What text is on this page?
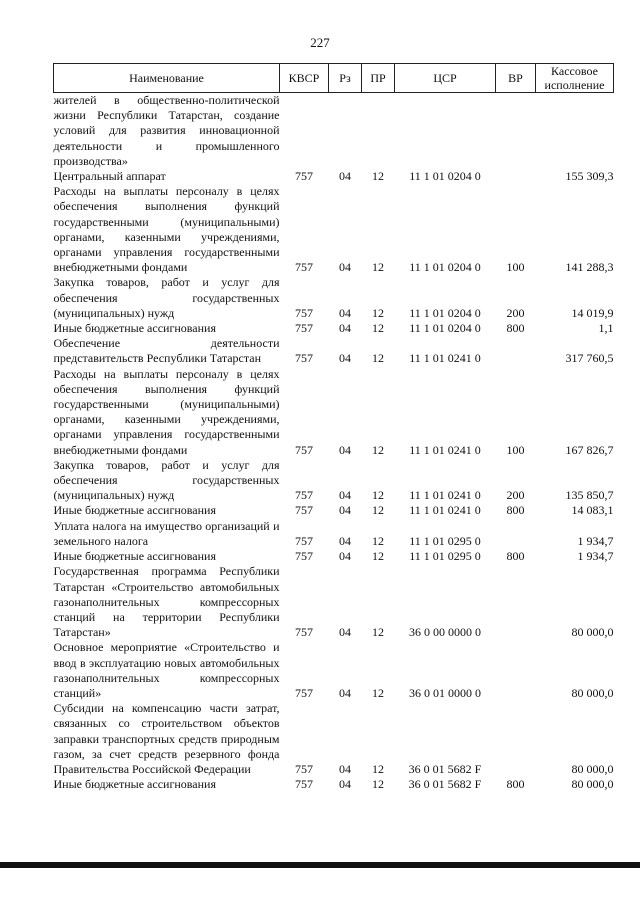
227
Наименование	КВСР	Рз	ПР	ЦСР	ВР	Кассовое исполнение
жителей в общественно-политической жизни Республики Татарстан, создание условий для развития инновационной деятельности и промышленного производства»						
Центральный аппарат	757	04	12	11 1 01 0204 0		155 309,3
Расходы на выплаты персоналу в целях обеспечения выполнения функций государственными (муниципальными) органами, казенными учреждениями, органами управления государственными внебюджетными фондами	757	04	12	11 1 01 0204 0	100	141 288,3
Закупка товаров, работ и услуг для обеспечения государственных (муниципальных) нужд	757	04	12	11 1 01 0204 0	200	14 019,9
Иные бюджетные ассигнования	757	04	12	11 1 01 0204 0	800	1,1
Обеспечение деятельности представительств Республики Татарстан	757	04	12	11 1 01 0241 0		317 760,5
Расходы на выплаты персоналу в целях обеспечения выполнения функций государственными (муниципальными) органами, казенными учреждениями, органами управления государственными внебюджетными фондами	757	04	12	11 1 01 0241 0	100	167 826,7
Закупка товаров, работ и услуг для обеспечения государственных (муниципальных) нужд	757	04	12	11 1 01 0241 0	200	135 850,7
Иные бюджетные ассигнования	757	04	12	11 1 01 0241 0	800	14 083,1
Уплата налога на имущество организаций и земельного налога	757	04	12	11 1 01 0295 0		1 934,7
Иные бюджетные ассигнования	757	04	12	11 1 01 0295 0	800	1 934,7
Государственная программа Республики Татарстан «Строительство автомобильных газонаполнительных компрессорных станций на территории Республики Татарстан»	757	04	12	36 0 00 0000 0		80 000,0
Основное мероприятие «Строительство и ввод в эксплуатацию новых автомобильных газонаполнительных компрессорных станций»	757	04	12	36 0 01 0000 0		80 000,0
Субсидии на компенсацию части затрат, связанных со строительством объектов заправки транспортных средств природным газом, за счет средств резервного фонда Правительства Российской Федерации	757	04	12	36 0 01 5682 F		80 000,0
Иные бюджетные ассигнования	757	04	12	36 0 01 5682 F	800	80 000,0
